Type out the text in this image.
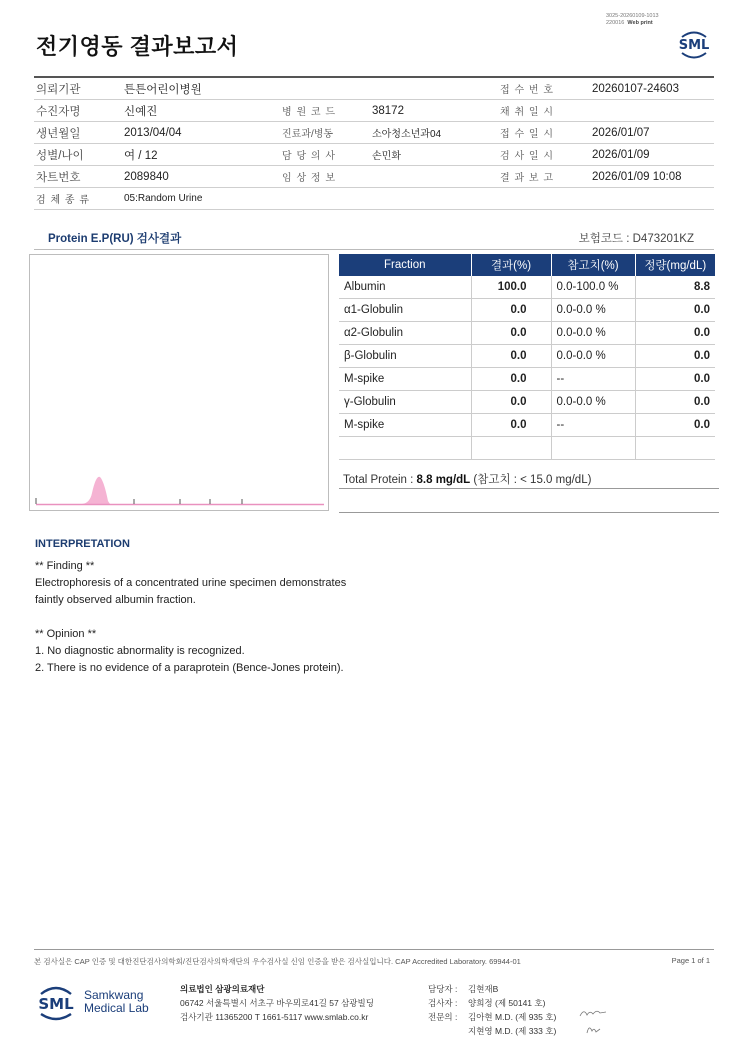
전기영동 결과보고서
3025-20260109-1013
220016 Web print
SML
의뢰기관	튼튼어린이병원			접 수 번 호	20260107-24603
수진자명	신예진	병 원 코 드	38172	채 취 일 시	
생년월일	2013/04/04	진료과/병동	소아청소년과04	접 수 일 시	2026/01/07
성별/나이	여 / 12	담 당 의 사	손민화	검 사 일 시	2026/01/09
차트번호	2089840	임 상 정 보		결 과 보 고	2026/01/09 10:08
검 체 종 류	05:Random Urine				
Protein E.P(RU) 검사결과	보험코드 : D473201KZ
Fraction	결과(%)	참고치(%)	정량(mg/dL)
Albumin	100.0	0.0-100.0 %	8.8
α1-Globulin	0.0	0.0-0.0 %	0.0
α2-Globulin	0.0	0.0-0.0 %	0.0
β-Globulin	0.0	0.0-0.0 %	0.0
M-spike	0.0	--	0.0
γ-Globulin	0.0	0.0-0.0 %	0.0
M-spike	0.0	--	0.0

Total Protein : 8.8 mg/dL (참고치 : < 15.0 mg/dL)
INTERPRETATION
** Finding **
Electrophoresis of a concentrated urine specimen demonstrates
faintly observed albumin fraction.
** Opinion **
1. No diagnostic abnormality is recognized.
2. There is no evidence of a paraprotein (Bence-Jones protein).
본 검사실은 CAP 인증 및 대한진단검사의학회/진단검사의학재단의 우수검사실 신임 인증을 받은 검사실입니다. CAP Accredited Laboratory. 69944-01	Page 1 of 1
SML Samkwang
Medical Lab
의료법인 삼광의료재단
06742 서울특별시 서초구 바우뫼로41길 57 삼광빌딩
검사기관 11365200 T 1661-5117 www.smlab.co.kr
담당자 : 김현재B
검사자 : 양희정 (제 50141 호)
전문의 : 김아현 M.D. (제 935 호)
지현영 M.D. (제 333 호)
